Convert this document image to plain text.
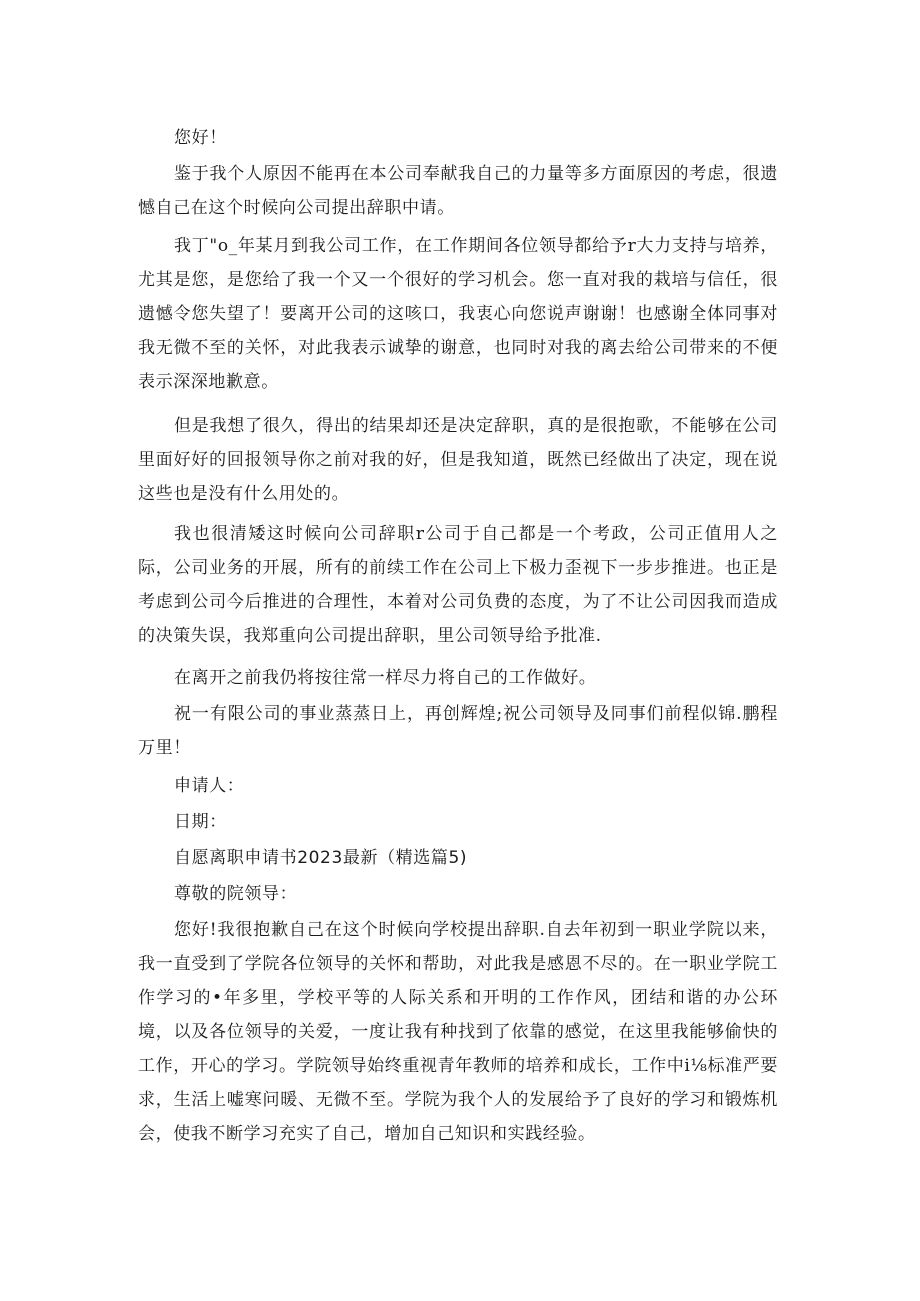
您好！

鉴于我个人原因不能再在本公司奉献我自己的力量等多方面原因的考虑，很遗憾自己在这个时候向公司提出辞职中请。

我丁"o_年某月到我公司工作，在工作期间各位领导都给予r大力支持与培养，尤其是您，是您给了我一个又一个很好的学习机会。您一直对我的栽培与信任，很遗憾令您失望了！要离开公司的这咳口，我衷心向您说声谢谢！也感谢全体同事对我无微不至的关怀，对此我表示诚挚的谢意，也同时对我的离去给公司带来的不便表示深深地歉意。

但是我想了很久，得出的结果却还是决定辞职，真的是很抱歌，不能够在公司里面好好的回报领导你之前对我的好，但是我知道，既然已经做出了决定，现在说这些也是没有什么用处的。

我也很清矮这时候向公司辞职r公司于自己都是一个考政，公司正值用人之际，公司业务的开展，所有的前续工作在公司上下极力歪视下一步步推进。也正是考虑到公司今后推进的合理性，本着对公司负费的态度，为了不让公司因我而造成的决策失误，我郑重向公司提出辞职，里公司领导给予批准.

在离开之前我仍将按往常一样尽力将自己的工作做好。

祝一有限公司的事业蒸蒸日上，再创辉煌;祝公司领导及同事们前程似锦.鹏程万里！

申请人：

日期：

自愿离职申请书2023最新（精选篇5)

尊敬的院领导：

您好!我很抱歉自己在这个时候向学校提出辞职.自去年初到一职业学院以来，我一直受到了学院各位领导的关怀和帮助，对此我是感恩不尽的。在一职业学院工作学习的•年多里，学校平等的人际关系和开明的工作作风，团结和谐的办公环境，以及各位领导的关爱，一度让我有种找到了依靠的感觉，在这里我能够偷快的工作，开心的学习。学院领导始终重视青年教师的培养和成长，工作中i⅛标准严要求，生活上嘘寒问暖、无微不至。学院为我个人的发展给予了良好的学习和锻炼机会，使我不断学习充实了自己，增加自己知识和实践经验。
